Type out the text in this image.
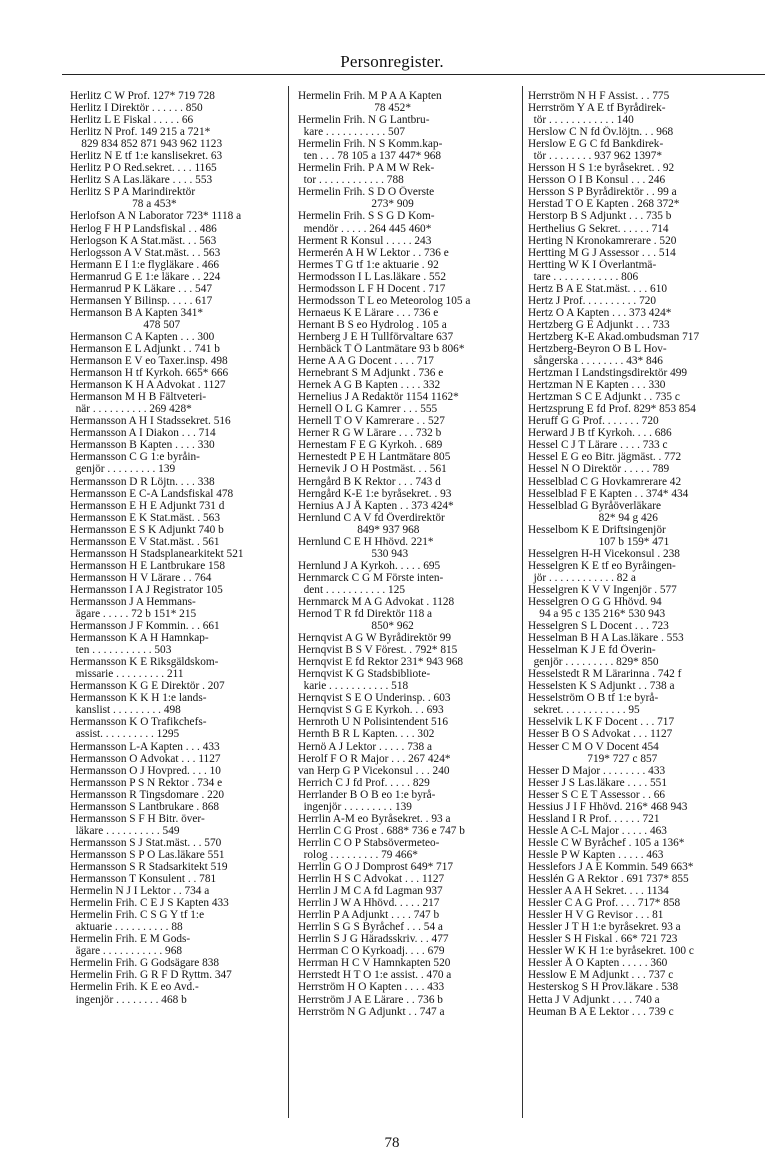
Personregister.

Herlitz C W Prof. 127* 719 728

Herlitz I Direktör . . . . . . 850

Herlitz L E Fiskal . . . . . 66

Herlitz N Prof. 149 215 a 721*

829 834 852 871 943 962 1123

Herlitz N E tf 1:e kanslisekret. 63

Herlitz P O Red.sekret. . . . 1165

Herlitz S A Las.läkare . . . . 553

Herlitz S P A Marindirektör

78 a 453*

Herlofson A N Laborator 723* 1118 a

Herlog F H P Landsfiskal . . 486

Herlogson K A Stat.mäst. . . 563

Herlogsson A V Stat.mäst. . . 563

Hermann E I 1:e flygläkare . 466

Hermanrud G E 1:e läkare . . 224

Hermanrud P K Läkare . . . 547

Hermansen Y Bilinsp. . . . . 617

Hermanson B A Kapten 341*

478 507

Hermanson C A Kapten . . . 300

Hermanson E L Adjunkt . . 741 b

Hermanson E V eo Taxer.insp. 498

Hermanson H tf Kyrkoh. 665* 666

Hermanson K H A Advokat . 1127

Hermanson M H B Fältveteri-

när . . . . . . . . . . 269 428*

Hermansson A H I Stadssekret. 516

Hermansson A I Diakon . . . 714

Hermansson B Kapten . . . . 330

Hermansson C G 1:e byråin-

genjör . . . . . . . . . 139

Hermansson D R Löjtn. . . . 338

Hermansson E C-A Landsfiskal 478

Hermansson E H E Adjunkt 731 d

Hermansson E K Stat.mäst. . 563

Hermansson E S K Adjunkt 740 b

Hermansson E V Stat.mäst. . 561

Hermansson H Stadsplanearkitekt 521

Hermansson H E Lantbrukare 158

Hermansson H V Lärare . . 764

Hermansson I A J Registrator 105

Hermansson J A Hemmans-

ägare . . . . . 72 b 151* 215

Hermansson J F Kommin. . . 661

Hermansson K A H Hamnkap-

ten . . . . . . . . . . . 503

Hermansson K E Riksgäldskom-

missarie . . . . . . . . . 211

Hermansson K G E Direktör . 207

Hermansson K K H 1:e lands-

kanslist . . . . . . . . . 498

Hermansson K O Trafikchefs-

assist. . . . . . . . . . 1295

Hermansson L-A Kapten . . . 433

Hermansson O Advokat . . . 1127

Hermansson O J Hovpred. . . . 10

Hermansson P S N Rektor . 734 e

Hermansson R Tingsdomare . 220

Hermansson S Lantbrukare . 868

Hermansson S F H Bitr. över-

läkare . . . . . . . . . . 549

Hermansson S J Stat.mäst. . . 570

Hermansson S P O Las.läkare 551

Hermansson S R Stadsarkitekt 519

Hermansson T Konsulent . . 781

Hermelin N J I Lektor . . 734 a

Hermelin Frih. C E J S Kapten 433

Hermelin Frih. C S G Y tf 1:e

aktuarie . . . . . . . . . . 88

Hermelin Frih. E M Gods-

ägare . . . . . . . . . . . 968

Hermelin Frih. G Godsägare 838

Hermelin Frih. G R F D Ryttm. 347

Hermelin Frih. K E eo Avd.-

ingenjör . . . . . . . . 468 b

Hermelin Frih. M P A A Kapten

78 452*

Hermelin Frih. N G Lantbru-

kare . . . . . . . . . . . 507

Hermelin Frih. N S Komm.kap-

ten . . . 78 105 a 137 447* 968

Hermelin Frih. P A M W Rek-

tor . . . . . . . . . . . . 788

Hermelin Frih. S D O Överste

273* 909

Hermelin Frih. S S G D Kom-

mendör . . . . . 264 445 460*

Herment R Konsul . . . . . 243

Hermerén A H W Lektor . . 736 e

Hermes T G tf 1:e aktuarie . 92

Hermodsson I L Las.läkare . 552

Hermodsson L F H Docent . 717

Hermodsson T L eo Meteorolog 105 a

Hernaeus K E Lärare . . . 736 e

Hernant B S eo Hydrolog . 105 a

Hernberg J E H Tullförvaltare 637

Hernbäck T Ö Lantmätare 93 b 806*

Herne A A G Docent . . . . 717

Hernebrant S M Adjunkt . 736 e

Hernek A G B Kapten . . . . 332

Hernelius J A Redaktör 1154 1162*

Hernell O L G Kamrer . . . 555

Hernell T O V Kamrerare . . 527

Herner R G W Lärare . . . 732 b

Hernestam F E G Kyrkoh. . 689

Hernestedt P E H Lantmätare 805

Hernevik J O H Postmäst. . . 561

Herngård B K Rektor . . . 743 d

Herngård K-E 1:e byråsekret. . 93

Hernius A J Å Kapten . . 373 424*

Hernlund C A V fd Överdirektör

849* 937 968

Hernlund C E H Hhövd. 221*

530 943

Hernlund J A Kyrkoh. . . . . 695

Hernmarck C G M Förste inten-

dent . . . . . . . . . . . 125

Hernmarck M A G Advokat . 1128

Hernod T R fd Direktör 118 a

850* 962

Hernqvist A G W Byrådirektör 99

Hernqvist B S V Förest. . 792* 815

Hernqvist E fd Rektor 231* 943 968

Hernqvist K G Stadsbibliote-

karie . . . . . . . . . . . 518

Hernqvist S E O Underinsp. . 603

Hernqvist S G E Kyrkoh. . . 693

Hernroth U N Polisintendent 516

Hernth B R L Kapten. . . . 302

Hernö A J Lektor . . . . . 738 a

Herolf F O R Major . . . 267 424*

van Herp G P Vicekonsul . . . 240

Herrich C J fd Prof. . . . . 829

Herrlander B O B eo 1:e byrå-

ingenjör . . . . . . . . . 139

Herrlin A-M eo Byråsekret. . 93 a

Herrlin C G Prost . 688* 736 e 747 b

Herrlin C O P Stabsövermeteo-

rolog . . . . . . . . . 79 466*

Herrlin G O J Domprost 649* 717

Herrlin H S C Advokat . . . 1127

Herrlin J M C A fd Lagman 937

Herrlin J W A Hhövd. . . . . 217

Herrlin P A Adjunkt . . . . 747 b

Herrlin S G S Byråchef . . . 54 a

Herrlin S J G Häradsskriv. . . 477

Herrman C O Kyrkoadj. . . . 679

Herrman H C V Hamnkapten 520

Herrstedt H T O 1:e assist. . 470 a

Herrström H O Kapten . . . . 433

Herrström J A E Lärare . . 736 b

Herrström N G Adjunkt . . 747 a

Herrström N H F Assist. . . 775

Herrström Y A E tf Byrådirek-

tör . . . . . . . . . . . . 140

Herslow C N fd Öv.löjtn. . . 968

Herslow E G C fd Bankdirek-

tör . . . . . . . . 937 962 1397*

Hersson H S 1:e byråsekret. . 92

Hersson O I B Konsul . . . 246

Hersson S P Byrådirektör . . 99 a

Herstad T O E Kapten . 268 372*

Herstorp B S Adjunkt . . . 735 b

Herthelius G Sekret. . . . . . 714

Herting N Kronokamrerare . 520

Hertting M G J Assessor . . . 514

Hertting W K I Överlantmä-

tare . . . . . . . . . . . . 806

Hertz B A E Stat.mäst. . . . 610

Hertz J Prof. . . . . . . . . . 720

Hertz O A Kapten . . . 373 424*

Hertzberg G E Adjunkt . . . 733

Hertzberg K-E Akad.ombudsman 717

Hertzberg-Beyron O B L Hov-

sångerska . . . . . . . . 43* 846

Hertzman I Landstingsdirektör 499

Hertzman N E Kapten . . . 330

Hertzman S C E Adjunkt . . 735 c

Hertzsprung E fd Prof. 829* 853 854

Heruff G G Prof. . . . . . . 720

Herward J B tf Kyrkoh. . . . 686

Hessel C J T Lärare . . . . 733 c

Hessel E G eo Bitr. jägmäst. . 772

Hessel N O Direktör . . . . . 789

Hesselblad C G Hovkamrerare 42

Hesselblad F E Kapten . . 374* 434

Hesselblad G Byråöverläkare

82* 94 g 426

Hesselbom K E Driftsingenjör

107 b 159* 471

Hesselgren H-H Vicekonsul . 238

Hesselgren K E tf eo Byråingen-

jör . . . . . . . . . . . . 82 a

Hesselgren K V V Ingenjör . 577

Hesselgren O G G Hhövd. 94

94 a 95 c 135 216* 530 943

Hesselgren S L Docent . . . 723

Hesselman B H A Las.läkare . 553

Hesselman K J E fd Överin-

genjör . . . . . . . . . 829* 850

Hesselstedt R M Lärarinna . 742 f

Hesselsten K S Adjunkt . . 738 a

Hesselström O B tf 1:e byrå-

sekret. . . . . . . . . . . . 95

Hesselvik L K F Docent . . . 717

Hesser B O S Advokat . . . 1127

Hesser C M O V Docent 454

719* 727 c 857

Hesser D Major . . . . . . . . 433

Hesser J S Las.läkare . . . . 551

Hesser S C E T Assessor . . 66

Hessius J I F Hhövd. 216* 468 943

Hessland I R Prof. . . . . . 721

Hessle A C-L Major . . . . . 463

Hessle C W Byråchef . 105 a 136*

Hessle P W Kapten . . . . . 463

Hesslefors J A E Kommin. 549 663*

Hesslén G A Rektor . 691 737* 855

Hessler A A H Sekret. . . . 1134

Hessler C A G Prof. . . . 717* 858

Hessler H V G Revisor . . . 81

Hessler J T H 1:e byråsekret. 93 a

Hessler S H Fiskal . 66* 721 723

Hessler W K H 1:e byråsekret. 100 c

Hessler Å O Kapten . . . . . 360

Hesslow E M Adjunkt . . . 737 c

Hesterskog S H Prov.läkare . 538

Hetta J V Adjunkt . . . . 740 a

Heuman B A E Lektor . . . 739 c

78
